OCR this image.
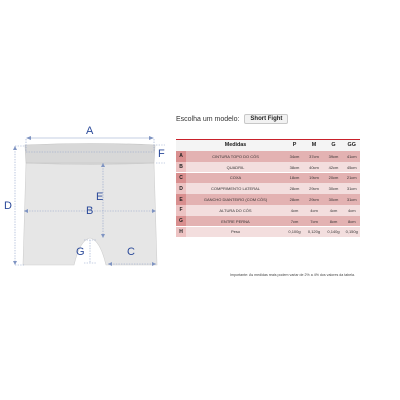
A
B
C
D
E
F
G
Escolha um modelo:	Short Fight
Medidas	P	M	G	GG
A	CINTURA TOPO DO CÓS	34cm	37cm	39cm	41cm
B	QUADRIL	38cm	40cm	42cm	45cm
C	COXA	18cm	19cm	20cm	21cm
D	COMPRIMENTO LATERAL	28cm	29cm	30cm	31cm
E	GANCHO DIANTEIRO (COM CÓS)	28cm	29cm	30cm	31cm
F	ALTURA DO CÓS	4cm	4cm	4cm	4cm
G	ENTRE PERNA	7cm	7cm	8cm	8cm
H	Peso	0,100g	0,120g	0,140g	0,150g
Importante: As medidas reais podem variar de 2% a 4% dos valores da tabela.
